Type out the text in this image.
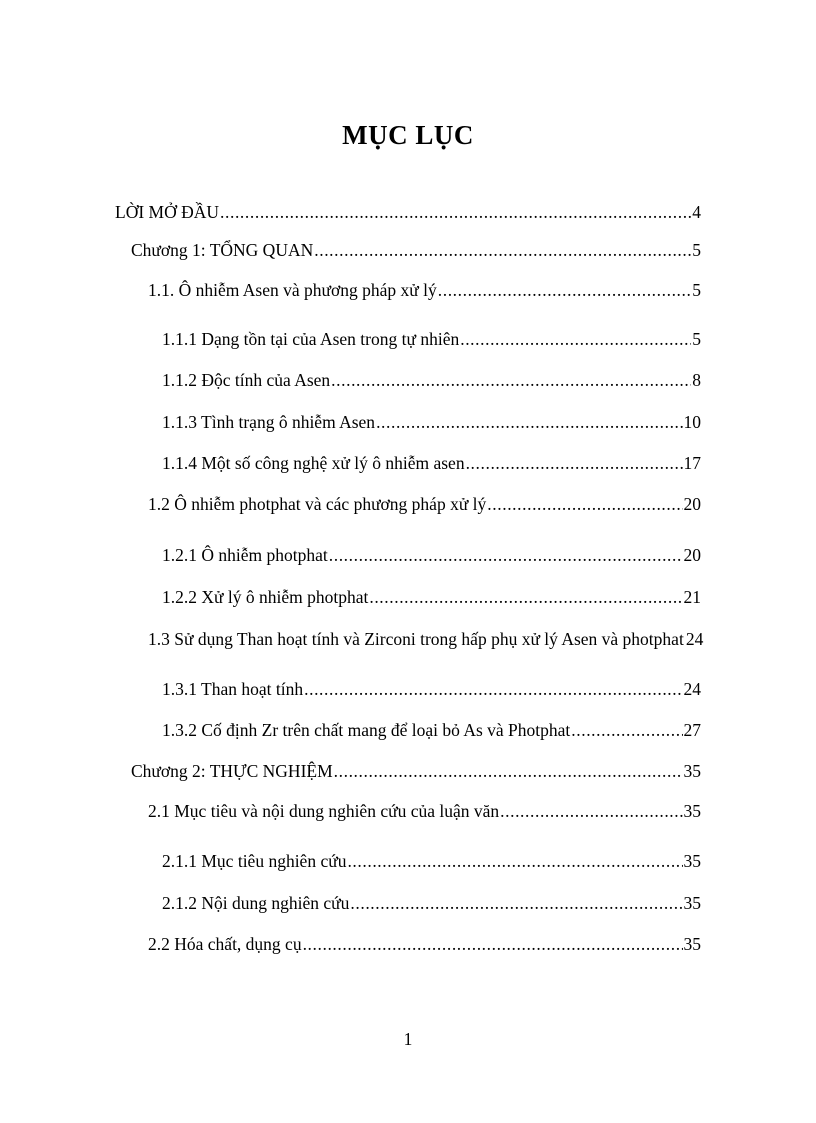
MỤC LỤC
LỜI MỞ ĐẦU .....	4
Chương 1: TỔNG QUAN .....	5
1.1. Ô nhiễm Asen và phương pháp xử lý .....	5
1.1.1 Dạng tồn tại của Asen trong tự nhiên .....	5
1.1.2 Độc tính của Asen .....	8
1.1.3 Tình trạng ô nhiễm Asen .....	10
1.1.4 Một số công nghệ xử lý ô nhiễm asen .....	17
1.2 Ô nhiễm photphat và các phương pháp xử lý .....	20
1.2.1 Ô nhiễm photphat .....	20
1.2.2 Xử lý ô nhiễm photphat .....	21
1.3 Sử dụng Than hoạt tính và Zirconi trong hấp phụ xử lý Asen và photphat 24
1.3.1 Than hoạt tính .....	24
1.3.2 Cố định Zr trên chất mang để loại bỏ As và Photphat .....	27
Chương 2: THỰC NGHIỆM .....	35
2.1 Mục tiêu và nội dung nghiên cứu của luận văn .....	35
2.1.1 Mục tiêu nghiên cứu .....	35
2.1.2 Nội dung nghiên cứu .....	35
2.2 Hóa chất, dụng cụ .....	35
1
